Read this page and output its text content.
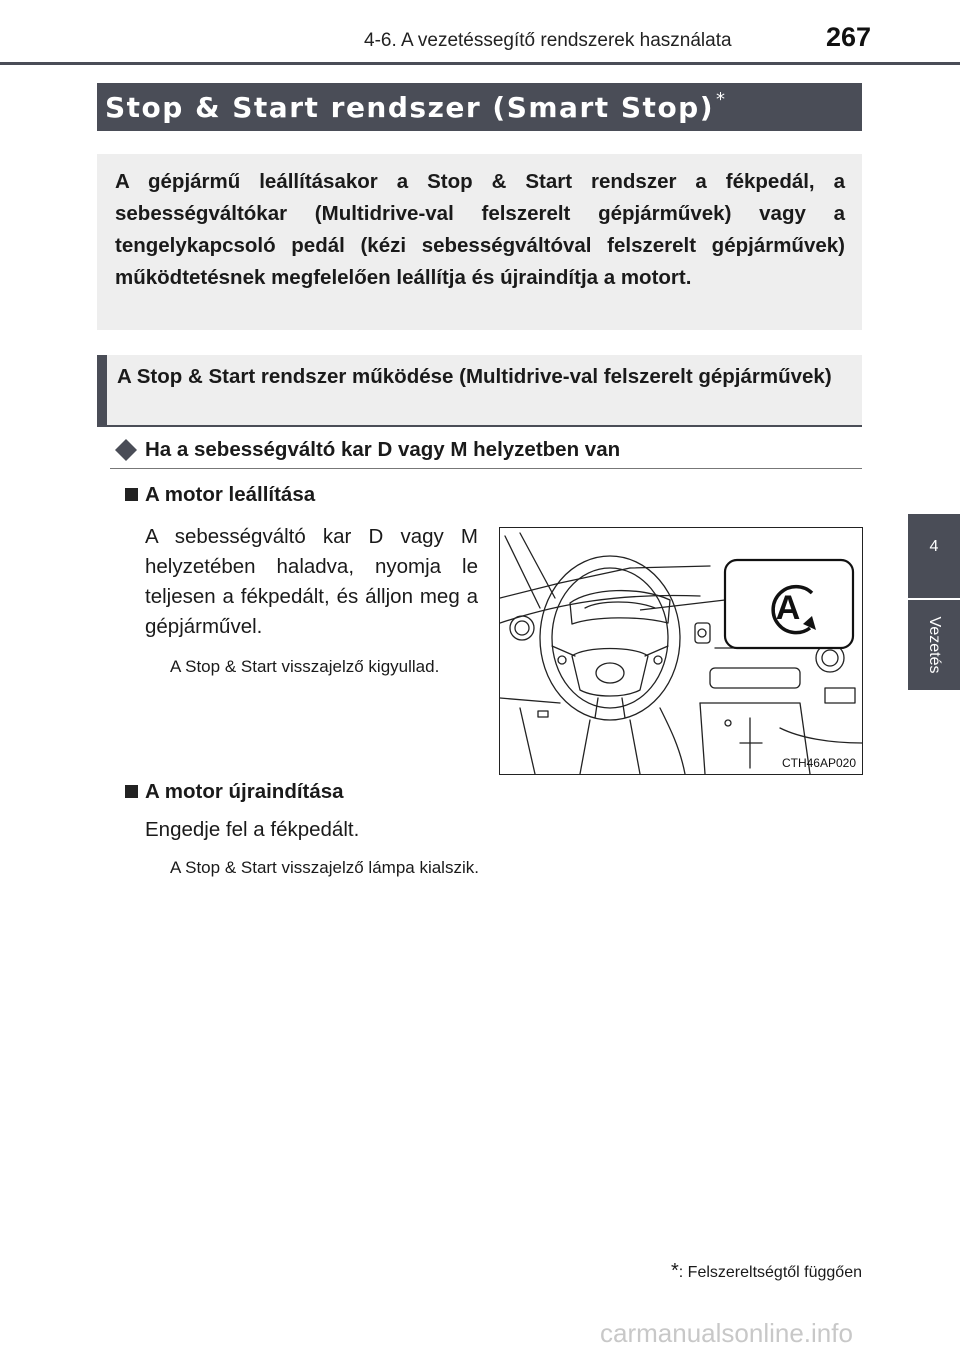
4-6. A vezetéssegítő rendszerek használata	267
4
Vezetés
Stop & Start rendszer (Smart Stop) *
A gépjármű leállításakor a Stop & Start rendszer a fékpedál, a sebességváltókar (Multidrive-val felszerelt gépjárművek) vagy a tengelykapcsoló pedál (kézi sebességváltóval felszerelt gépjárművek) működtetésnek megfelelően leállítja és újraindítja a motort.
A Stop & Start rendszer működése (Multidrive-val felszerelt gépjárművek)
Ha a sebességváltó kar D vagy M helyzetben van
A motor leállítása
A sebességváltó kar D vagy M helyzetében haladva, nyomja le teljesen a fékpedált, és álljon meg a gépjárművel.
A Stop & Start visszajelző kigyullad.
A
CTH46AP020
A motor újraindítása
Engedje fel a fékpedált.
A Stop & Start visszajelző lámpa kialszik.
*: Felszereltségtől függően
carmanualsonline.info
